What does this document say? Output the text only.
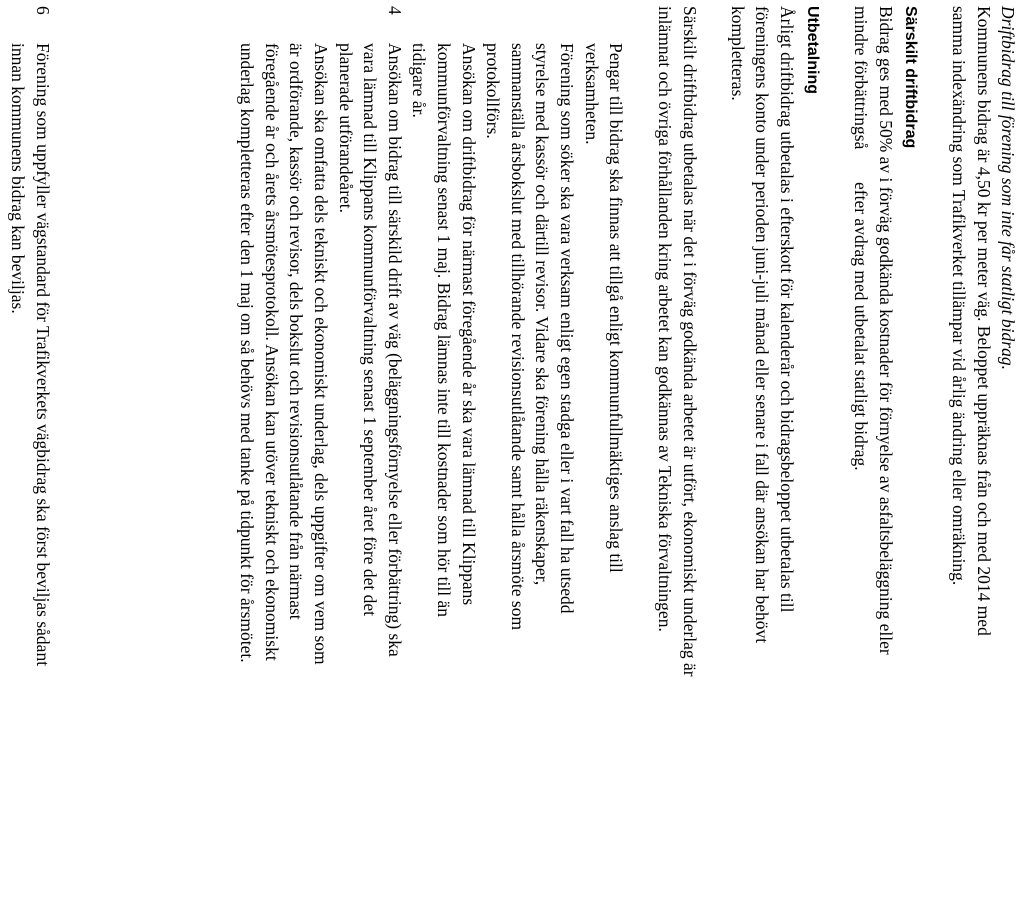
Driftbidrag till förening som inte får statligt bidrag.
Kommunens bidrag är 4,50 kr per meter väg. Beloppet uppräknas från och med 2014 med
samma indexändring som Trafikverket tillämpar vid årlig ändring eller omräkning.
Särskilt driftbidrag
Bidrag ges med 50% av i förväg godkända kostnader för förnyelse av asfaltsbeläggning eller
mindre förbättringså
efter avdrag med utbetalat statligt bidrag.
Utbetalning
Årligt driftbidrag utbetalas i efterskott för kalenderår och bidragsbeloppet utbetalas till
föreningens konto under perioden juni-juli månad eller senare i fall där ansökan har behövt
kompletteras.
Särskilt driftbidrag utbetalas när det i förväg godkända arbetet är utfört, ekonomiskt underlag är
inlämnat och övriga förhållanden kring arbetet kan godkännas av Tekniska förvaltningen.
Pengar till bidrag ska finnas att tillgå enligt kommunfullmäktiges anslag till
verksamheten.
Förening som söker ska vara verksam enligt egen stadga eller i vart fall ha utsedd
styrelse med kassör och därtill revisor. Vidare ska förening hålla räkenskaper,
sammanställa årsbokslut med tillhörande revisionsutlåtande samt hålla årsmöte som
protokollförs.
Ansökan om driftbidrag för närmast föregående år ska vara lämnad till Klippans
kommunförvaltning senast 1 maj. Bidrag lämnas inte till kostnader som hör till än
tidigare år.
4
Ansökan om bidrag till särskild drift av väg (beläggningsförnyelse eller förbättring) ska
vara lämnad till Klippans kommunförvaltning senast 1 september året före det det
planerade utförandeåret.
Ansökan ska omfatta dels tekniskt och ekonomiskt underlag, dels uppgifter om vem som
är ordförande, kassör och revisor, dels bokslut och revisionsutlåtande från närmast
föregående år och årets årsmötesprotokoll. Ansökan kan utöver tekniskt och ekonomiskt
underlag kompletteras efter den 1 maj om så behövs med tanke på tidpunkt för årsmötet.
Förening som uppfyller vägstandard för Trafikverkets vägbidrag ska först beviljas sådant
innan kommunens bidrag kan beviljas.
6
